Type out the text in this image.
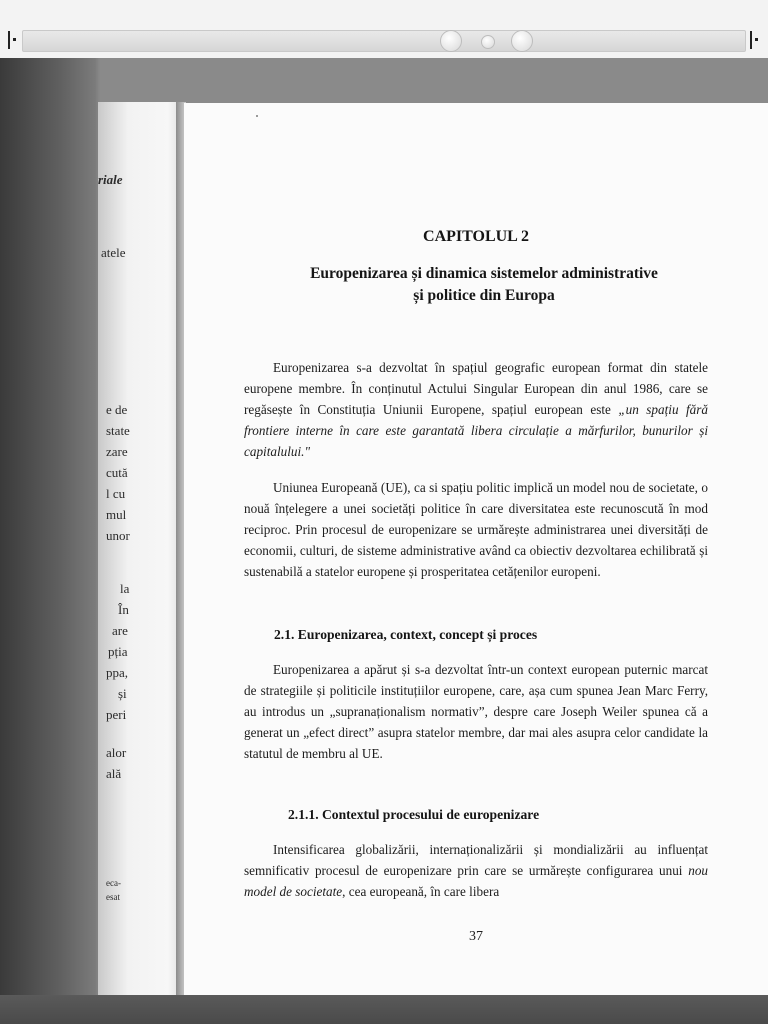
riale
atele
e de
state
zare
cută
l cu
mul
unor
la
În
are
pția
ppa,
și
peri
alor
ală
eca-
esat
CAPITOLUL 2
Europenizarea și dinamica sistemelor administrative
și politice din Europa
Europenizarea s-a dezvoltat în spațiul geografic european format din statele europene membre. În conținutul Actului Singular European din anul 1986, care se regăsește în Constituția Uniunii Europene, spațiul european este „un spațiu fără frontiere interne în care este garantată libera circulație a mărfurilor, bunurilor și capitalului."
Uniunea Europeană (UE), ca si spațiu politic implică un model nou de societate, o nouă înțelegere a unei societăți politice în care diversitatea este recunoscută în mod reciproc. Prin procesul de europenizare se urmărește administrarea unei diversități de economii, culturi, de sisteme administrative având ca obiectiv dezvoltarea echilibrată și sustenabilă a statelor europene și prosperitatea cetățenilor europeni.
2.1. Europenizarea, context, concept și proces
Europenizarea a apărut și s-a dezvoltat într-un context european puternic marcat de strategiile și politicile instituțiilor europene, care, așa cum spunea Jean Marc Ferry, au introdus un „supranaționalism normativ”, despre care Joseph Weiler spunea că a generat un „efect direct” asupra statelor membre, dar mai ales asupra celor candidate la statutul de membru al UE.
2.1.1. Contextul procesului de europenizare
Intensificarea globalizării, internaționalizării și mondializării au influențat semnificativ procesul de europenizare prin care se urmărește configurarea unui nou model de societate, cea europeană, în care libera
37
